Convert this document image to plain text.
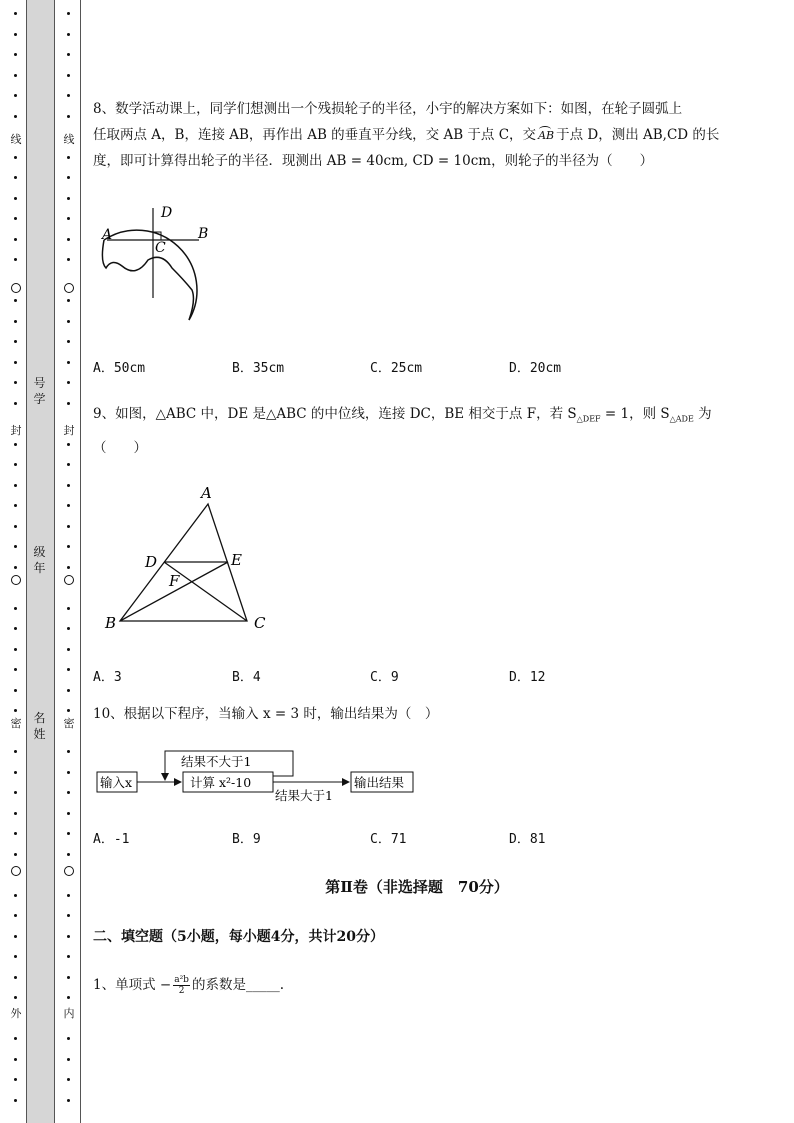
线
封
密
外
线
封
密
内
号学
级年
名姓
8、数学活动课上，同学们想测出一个残损轮子的半径，小宇的解决方案如下：如图，在轮子圆弧上
任取两点 A，B，连接 AB，再作出 AB 的垂直平分线，交 AB 于点 C，交 AB 于点 D，测出 AB,CD 的长
度，即可计算得出轮子的半径．现测出 AB = 40cm, CD = 10cm，则轮子的半径为（　　）
A	B
C
D
A．50cm	B．35cm	C．25cm	D．20cm
9、如图，△ABC 中，DE 是△ABC 的中位线，连接 DC，BE 相交于点 F，若 $S_{\triangle DEF} = 1$，则 $S_{\triangle ADE}$ 为
（　　）
A
B	C
D	E
F
A．3	B．4	C．9	D．12
10、根据以下程序，当输入 x = 3 时，输出结果为（　）
输入x	计算 x²-10
结果不大于1
结果大于1
输出结果
A．-1	B．9	C．71	D．81
第Ⅱ卷（非选择题　70分）
二、填空题（5小题，每小题4分，共计20分）
1、单项式 − $\frac{\text{a²b}}{2}$ 的系数是_____.
